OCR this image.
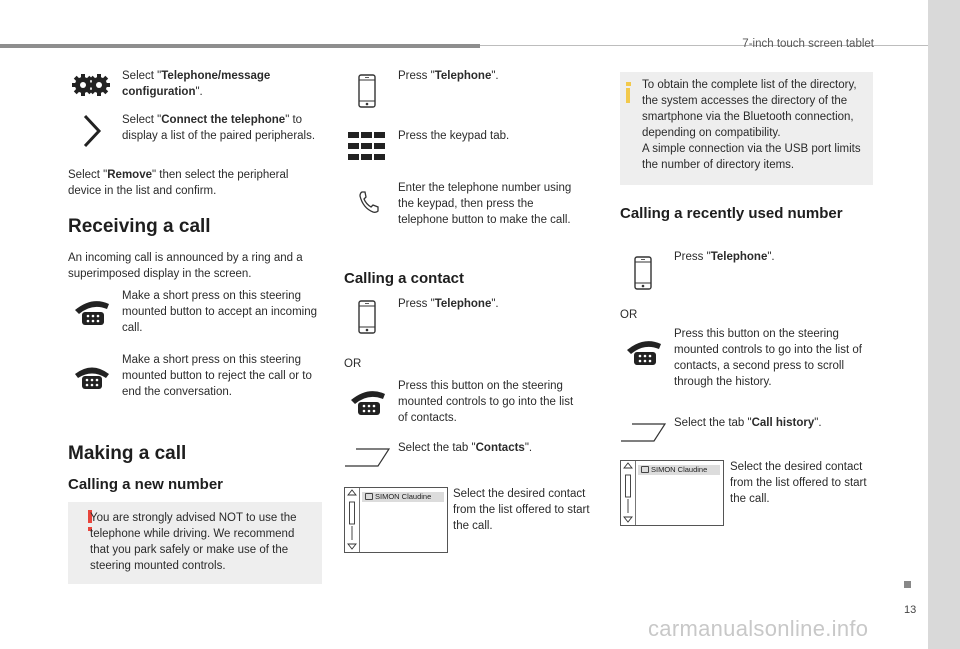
7-inch touch screen tablet
Select "Telephone/message configuration".
Select "Connect the telephone" to display a list of the paired peripherals.
Select "Remove" then select the peripheral device in the list and confirm.
Receiving a call
An incoming call is announced by a ring and a superimposed display in the screen.
Make a short press on this steering mounted button to accept an incoming call.
Make a short press on this steering mounted button to reject the call or to end the conversation.
Making a call
Calling a new number
You are strongly advised NOT to use the telephone while driving. We recommend that you park safely or make use of the steering mounted controls.
Press "Telephone".
Press the keypad tab.
Enter the telephone number using the keypad, then press the telephone button to make the call.
Calling a contact
Press "Telephone".
OR
Press this button on the steering mounted controls to go into the list of contacts.
Select the tab "Contacts".
SIMON Claudine Select the desired contact from the list offered to start the call.
To obtain the complete list of the directory, the system accesses the directory of the smartphone via the Bluetooth connection, depending on compatibility.
A simple connection via the USB port limits the number of directory items.
Calling a recently used number
Press "Telephone".
OR
Press this button on the steering mounted controls to go into the list of contacts, a second press to scroll through the history.
Select the tab "Call history".
SIMON Claudine Select the desired contact from the list offered to start the call.
13
carmanualsonline.info
